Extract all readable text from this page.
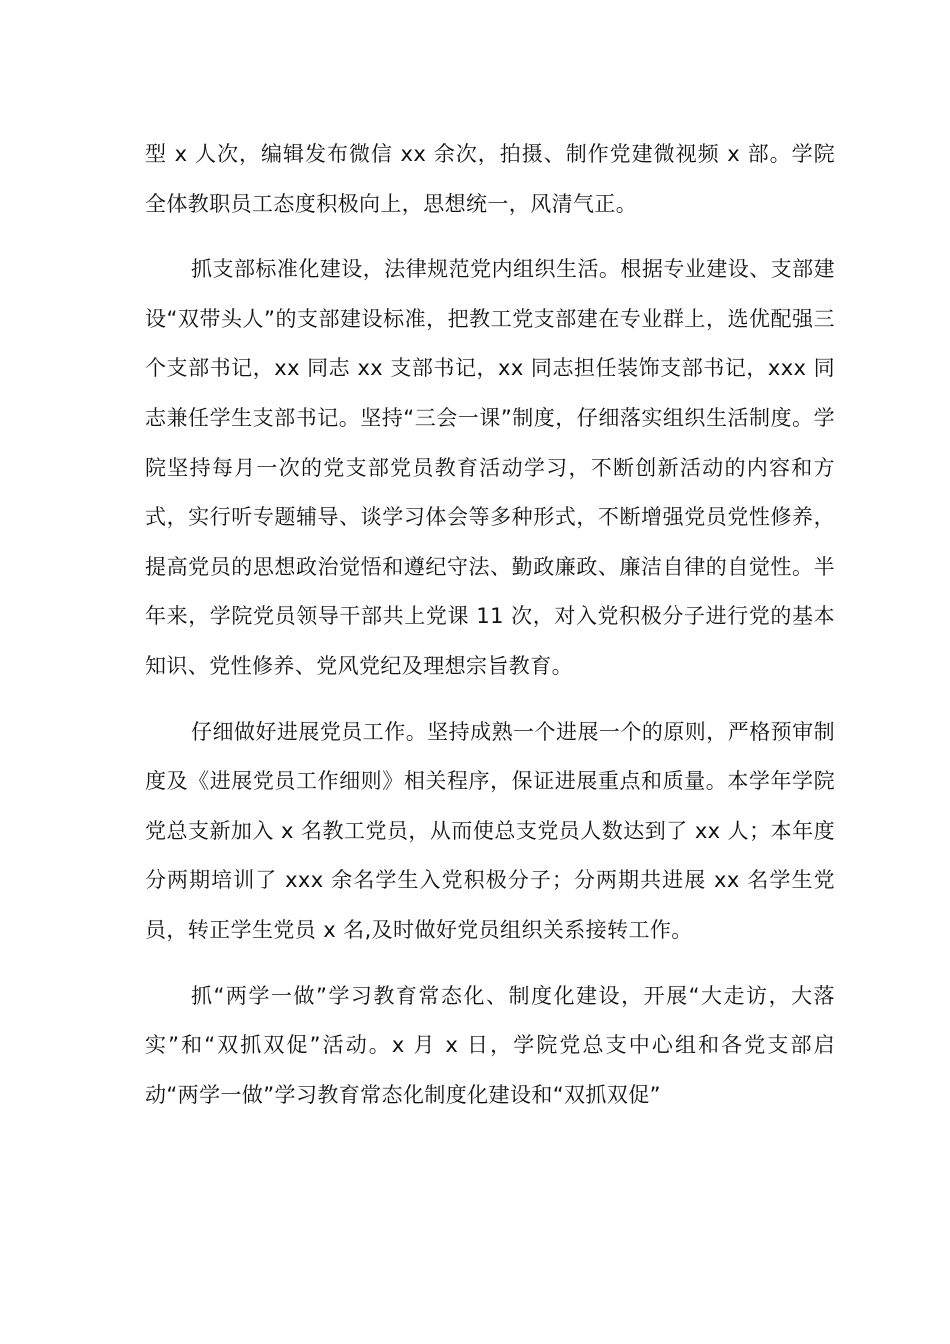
型 x 人次，编辑发布微信 xx 余次，拍摄、制作党建微视频 x 部。学院全体教职员工态度积极向上，思想统一，风清气正。

抓支部标准化建设，法律规范党内组织生活。根据专业建设、支部建设“双带头人”的支部建设标准，把教工党支部建在专业群上，选优配强三个支部书记，xx 同志 xx 支部书记，xx 同志担任装饰支部书记，xxx 同志兼任学生支部书记。坚持“三会一课”制度，仔细落实组织生活制度。学院坚持每月一次的党支部党员教育活动学习，不断创新活动的内容和方式，实行听专题辅导、谈学习体会等多种形式，不断增强党员党性修养，提高党员的思想政治觉悟和遵纪守法、勤政廉政、廉洁自律的自觉性。半年来，学院党员领导干部共上党课 11 次，对入党积极分子进行党的基本知识、党性修养、党风党纪及理想宗旨教育。

仔细做好进展党员工作。坚持成熟一个进展一个的原则，严格预审制度及《进展党员工作细则》相关程序，保证进展重点和质量。本学年学院党总支新加入 x 名教工党员，从而使总支党员人数达到了 xx 人；本年度分两期培训了 xxx 余名学生入党积极分子；分两期共进展 xx 名学生党员，转正学生党员 x 名,及时做好党员组织关系接转工作。

抓“两学一做”学习教育常态化、制度化建设，开展“大走访，大落实”和“双抓双促”活动。x 月 x 日，学院党总支中心组和各党支部启动“两学一做”学习教育常态化制度化建设和“双抓双促”
